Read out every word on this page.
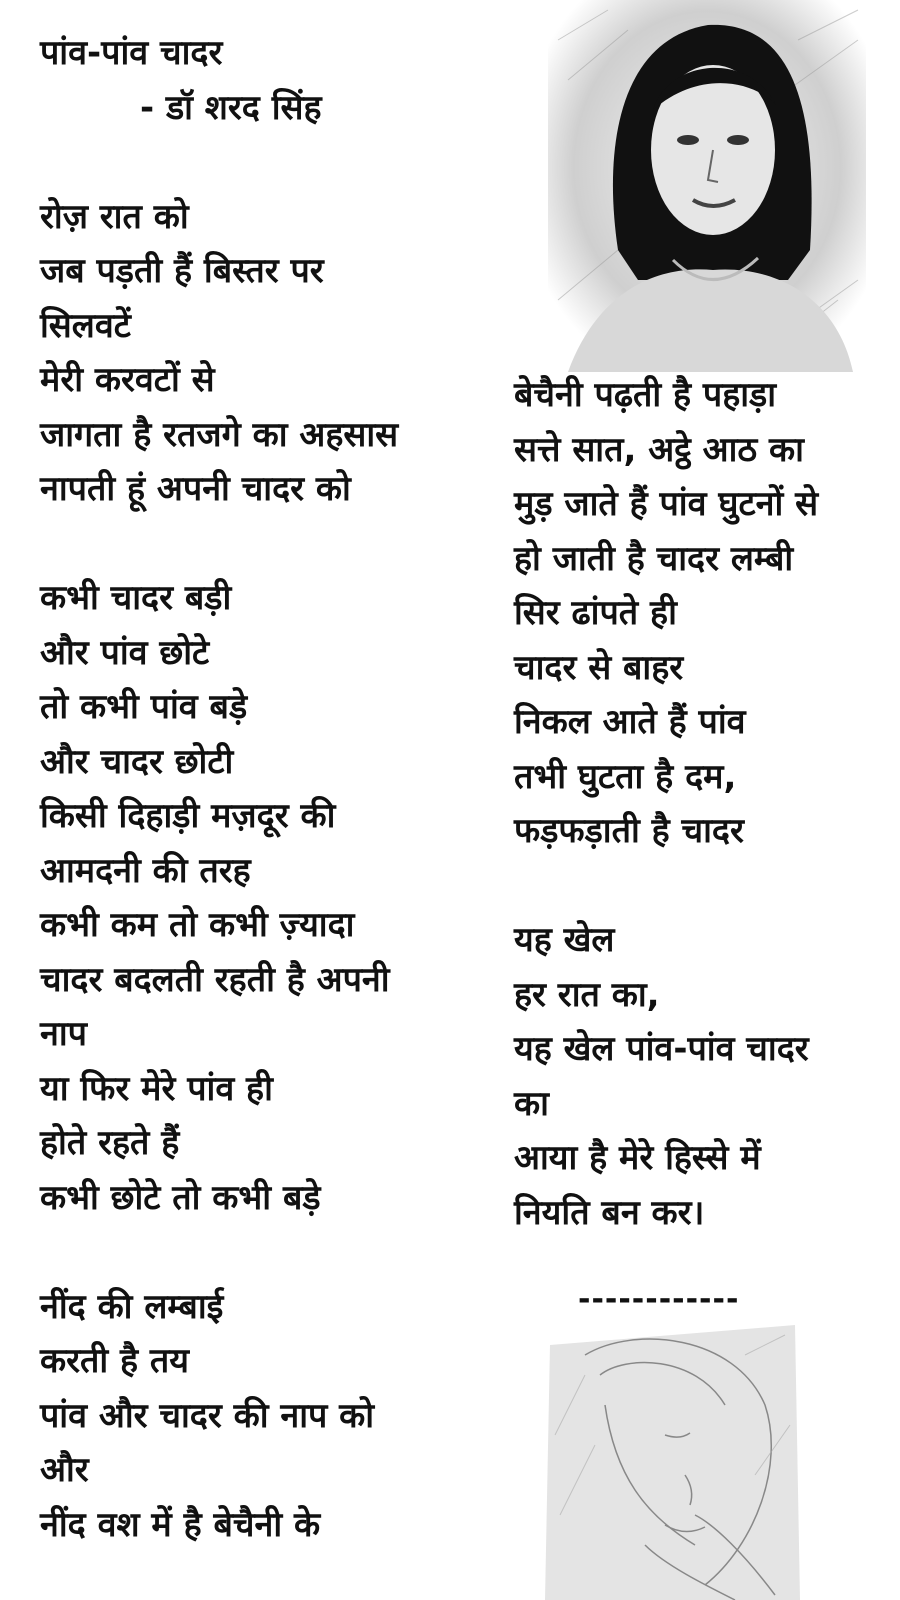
पांव-पांव चादर
- डॉ शरद सिंह
रोज़ रात को
जब पड़ती हैं बिस्तर पर
सिलवटें
मेरी करवटों से
जागता है रतजगे का अहसास
नापती हूं अपनी चादर को
कभी चादर बड़ी
और पांव छोटे
तो कभी पांव बड़े
और चादर छोटी
किसी दिहाड़ी मज़दूर की
आमदनी की तरह
कभी कम तो कभी ज़्यादा
चादर बदलती रहती है अपनी
नाप
या फिर मेरे पांव ही
होते रहते हैं
कभी छोटे तो कभी बड़े
नींद की लम्बाई
करती है तय
पांव और चादर की नाप को
और
नींद वश में है बेचैनी के
बेचैनी पढ़ती है पहाड़ा
सत्ते सात, अट्ठे आठ का
मुड़ जाते हैं पांव घुटनों से
हो जाती है चादर लम्बी
सिर ढांपते ही
चादर से बाहर
निकल आते हैं पांव
तभी घुटता है दम,
फड़फड़ाती है चादर
यह खेल
हर रात का,
यह खेल पांव-पांव चादर
का
आया है मेरे हिस्से में
नियति बन कर।
------------
